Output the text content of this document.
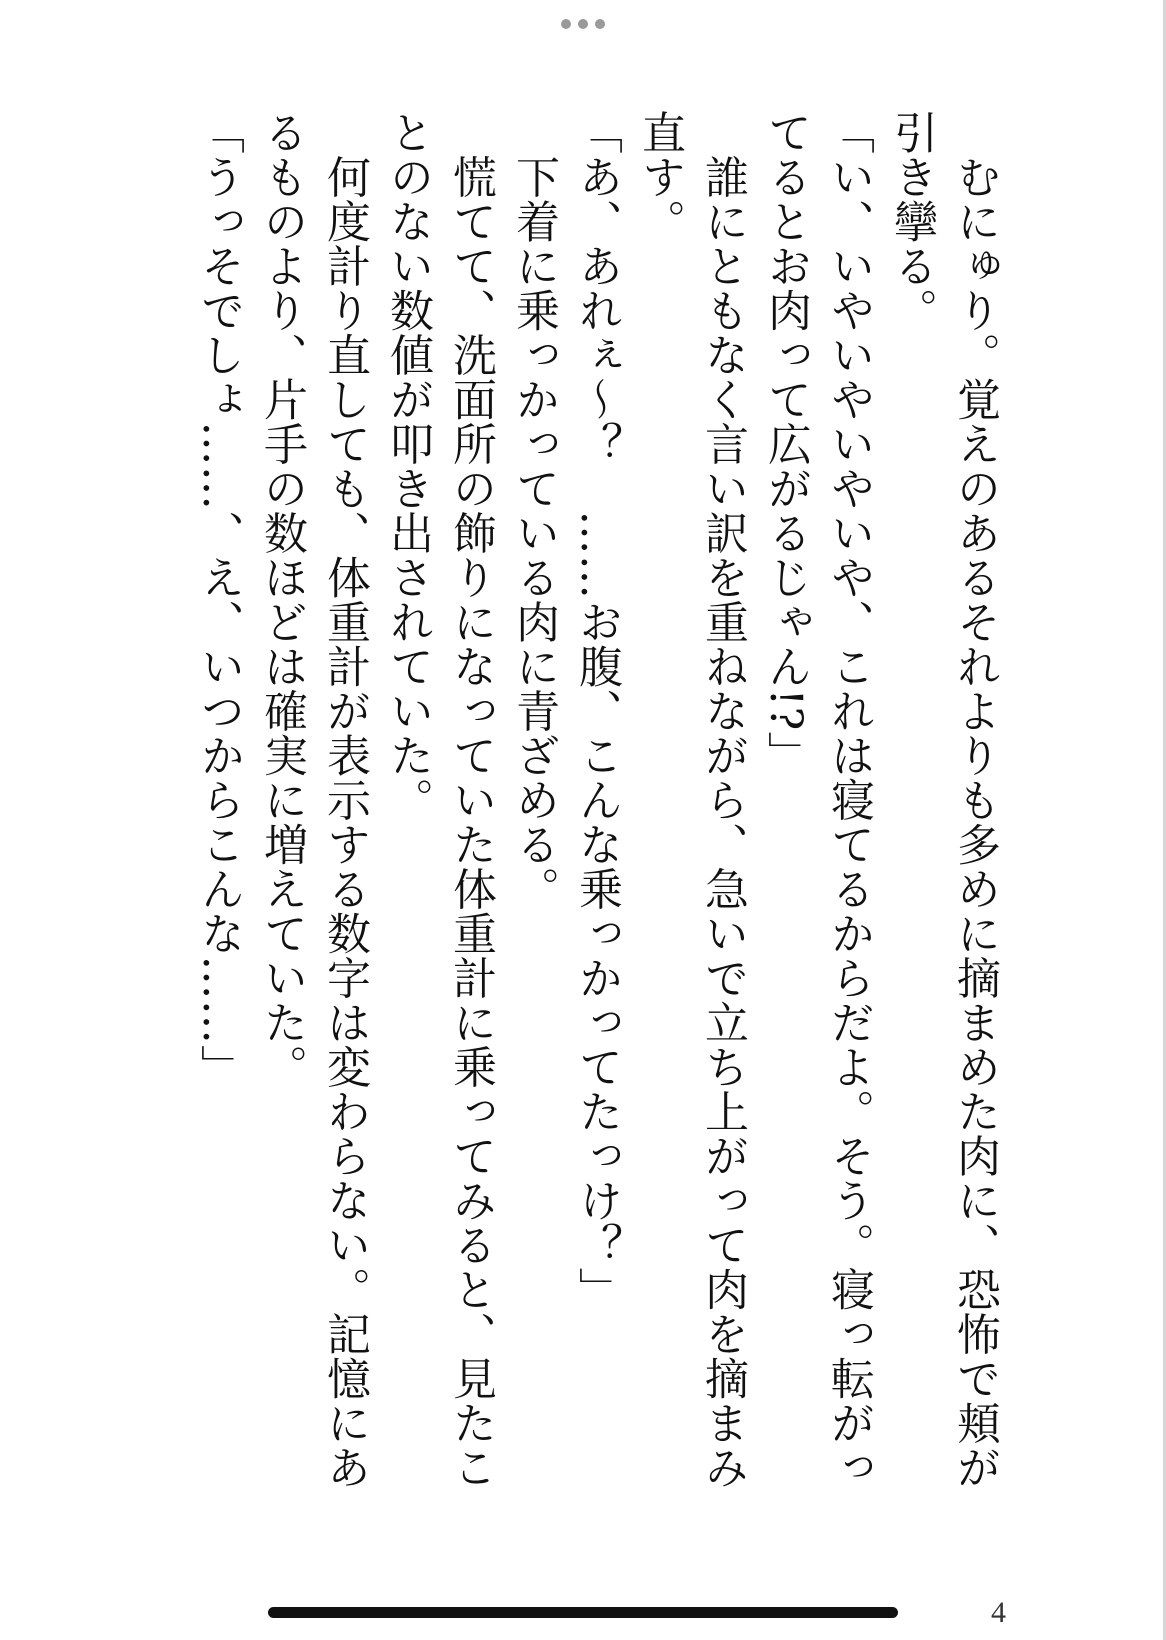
　むにゅり。覚えのあるそれよりも多めに摘まめた肉に、恐怖で頬が引き攣る。

「い、いやいやいやいや、これは寝てるからだよ。そう。寝っ転がってるとお肉って広がるじゃん!?」

　誰にともなく言い訳を重ねながら、急いで立ち上がって肉を摘まみ直す。

「あ、あれぇ〜？　……お腹、こんな乗っかってたっけ？」

　下着に乗っかっている肉に青ざめる。

　慌てて、洗面所の飾りになっていた体重計に乗ってみると、見たことのない数値が叩き出されていた。

　何度計り直しても、体重計が表示する数字は変わらない。記憶にあるものより、片手の数ほどは確実に増えていた。

「うっそでしょ……、え、いつからこんな……」

4
